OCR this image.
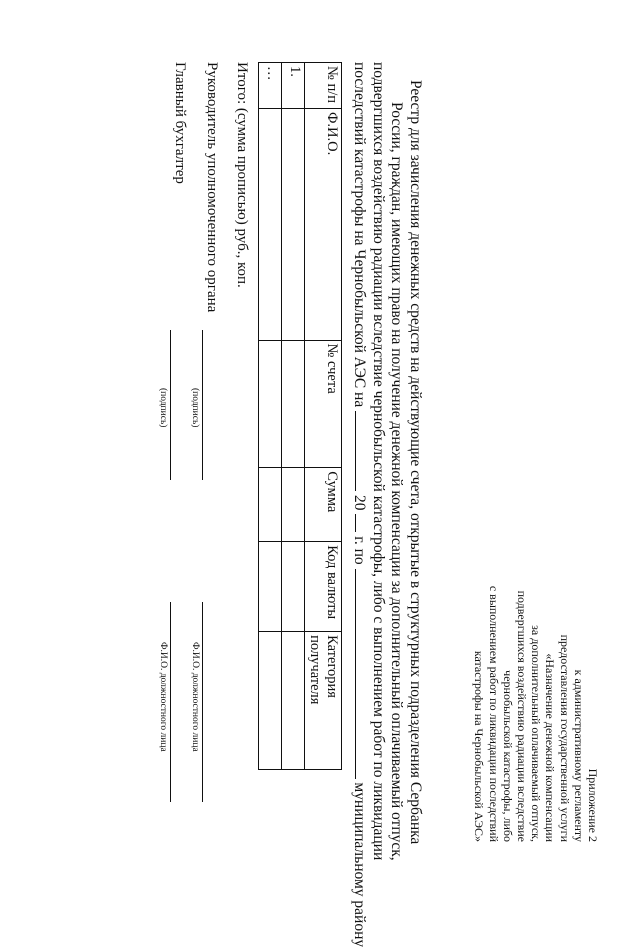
Приложение 2
к административному регламенту
предоставления государственной услуги
«Назначение денежной компенсации
за дополнительный оплачиваемый отпуск,
подвергшихся воздействию радиации вследствие
чернобыльской катастрофы, либо
с выполнением работ по ликвидации последствий
катастрофы на Чернобыльской АЭС»
Реестр для зачисления денежных средств на действующие счета, открытые в структурных подразделения Сербанка
России, граждан, имеющих право на получение денежной компенсации за дополнительный оплачиваемый отпуск,
подвергшихся воздействию радиации вследствие чернобыльской катастрофы, либо с выполнением работ по ликвидации
последствий катастрофы на Чернобыльской АЭС на  20  г. по  муниципальному району
№ п/п	Ф.И.О.	№ счета	Сумма	Код валюты	Категория получателя
1.					
…					
Итого: (сумма прописью) руб., коп.
Руководитель уполномоченного органа
(подпись)
Ф.И.О. должностного лица
Главный бухгалтер
(подпись)
Ф.И.О. должностного лица
